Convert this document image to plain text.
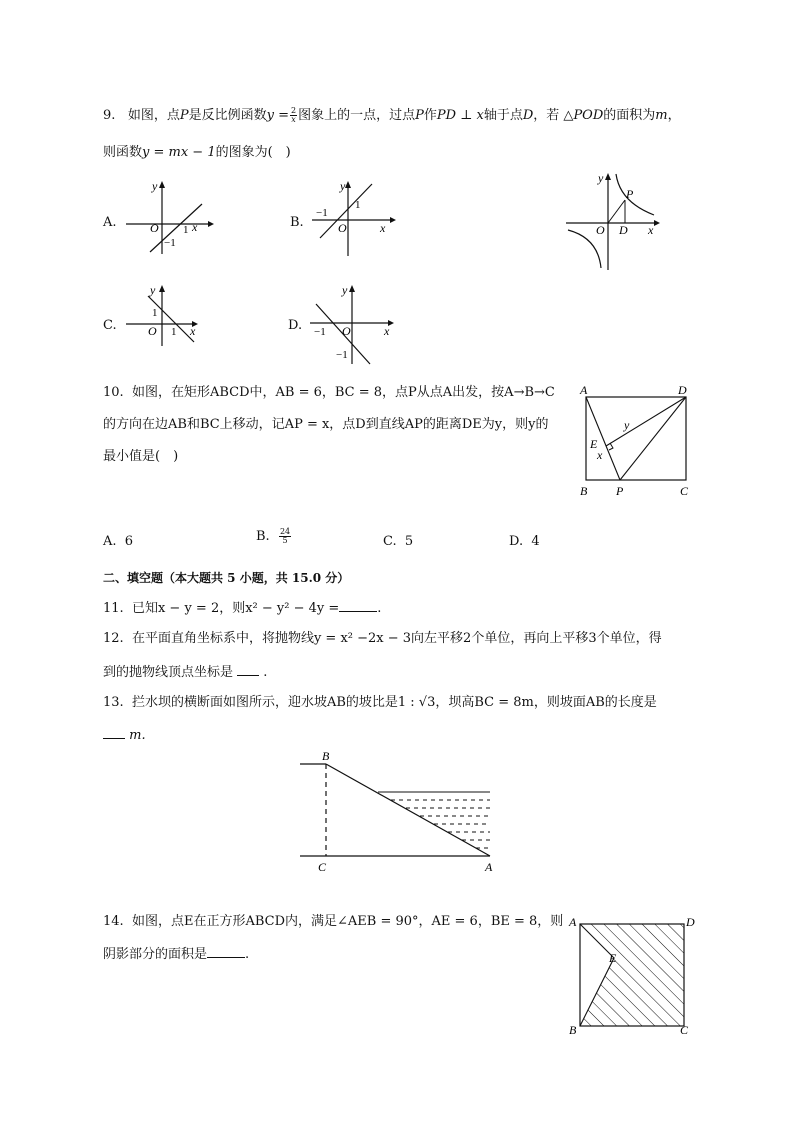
9. 如图，点P是反比例函数$y = \frac{2}{x}$ 图象上的一点，过点P作PD ⊥ x轴于点D，若 △POD的面积为m，
则函数y = mx − 1的图象为(　)
A.
y
x
O 1
−1
B.
y
x
O
1
−1
y
x
O D
P
C.
y
x
O 1
1
D.
y
x
O
−1
−1
10. 如图，在矩形ABCD中，AB = 6，BC = 8，点P从点A出发，按A→B→C
的方向在边AB和BC上移动，记AP = x，点D到直线AP的距离DE为y，则y的
最小值是(　)
A	D
B	C
P
E
x
y
A. 6	B. $\frac{24}{5}$	C. 5	D. 4
二、填空题（本大题共 5 小题，共 15.0 分）
11. 已知x − y = 2，则x² − y² − 4y =	.
12. 在平面直角坐标系中，将抛物线y = x² −2x − 3向左平移2个单位，再向上平移3个单位，得
到的抛物线顶点坐标是 .
13. 拦水坝的横断面如图所示，迎水坡AB的坡比是1 : √3，坝高BC = 8m，则坡面AB的长度是
m.
B
C	A
14. 如图，点E在正方形ABCD内，满足∠AEB = 90°，AE = 6，BE = 8，则
阴影部分的面积是	.
A	D
B	C
E
